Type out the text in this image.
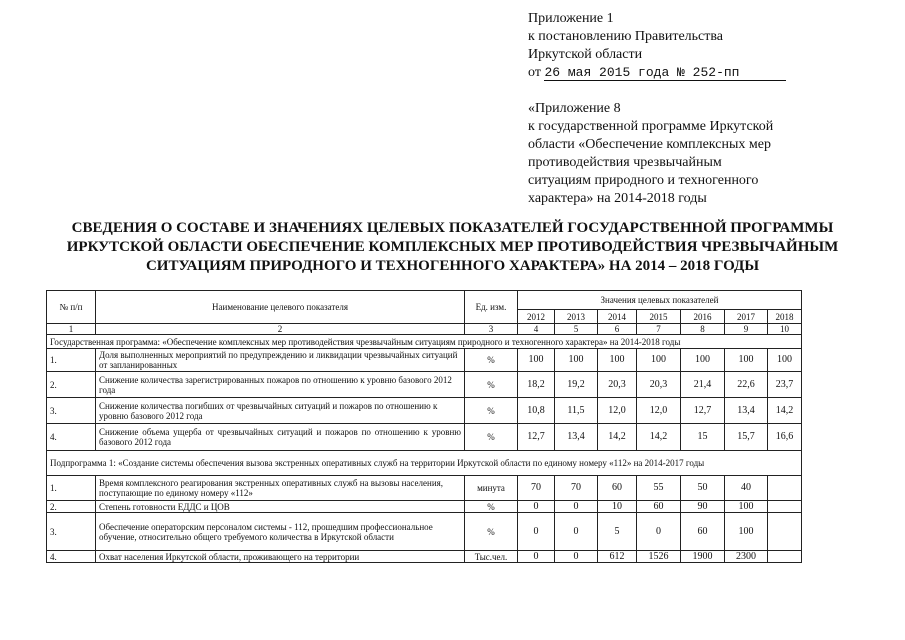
Приложение 1
к постановлению Правительства
Иркутской области
от 26 мая 2015 года № 252-пп
«Приложение 8
к государственной программе Иркутской
области «Обеспечение комплексных мер
противодействия чрезвычайным
ситуациям природного и техногенного
характера» на 2014-2018 годы
СВЕДЕНИЯ О СОСТАВЕ И ЗНАЧЕНИЯХ ЦЕЛЕВЫХ ПОКАЗАТЕЛЕЙ ГОСУДАРСТВЕННОЙ ПРОГРАММЫ
ИРКУТСКОЙ ОБЛАСТИ ОБЕСПЕЧЕНИЕ КОМПЛЕКСНЫХ МЕР ПРОТИВОДЕЙСТВИЯ ЧРЕЗВЫЧАЙНЫМ
СИТУАЦИЯМ ПРИРОДНОГО И ТЕХНОГЕННОГО ХАРАКТЕРА» НА 2014 – 2018 ГОДЫ
№ п/п	Наименование целевого показателя	Ед. изм.	Значения целевых показателей						
			2012	2013	2014	2015	2016	2017	2018
1	2	3	4	5	6	7	8	9	10
Государственная программа: «Обеспечение комплексных мер противодействия чрезвычайным ситуациям природного и техногенного характера» на 2014-2018 годы									
1.	Доля выполненных мероприятий по предупреждению и ликвидации чрезвычайных ситуаций от запланированных	%	100	100	100	100	100	100	100
2.	Снижение количества зарегистрированных пожаров по отношению к уровню базового 2012 года	%	18,2	19,2	20,3	20,3	21,4	22,6	23,7
3.	Снижение количества погибших от чрезвычайных ситуаций и пожаров по отношению к уровню базового 2012 года	%	10,8	11,5	12,0	12,0	12,7	13,4	14,2
4.	Снижение объема ущерба от чрезвычайных ситуаций и пожаров по отношению к уровню базового 2012 года	%	12,7	13,4	14,2	14,2	15	15,7	16,6
Подпрограмма 1: «Создание системы обеспечения вызова экстренных оперативных служб на территории Иркутской области по единому номеру «112» на 2014-2017 годы									
1.	Время комплексного реагирования экстренных оперативных служб на вызовы населения, поступающие по единому номеру «112»	минута	70	70	60	55	50	40	
2.	Степень готовности ЕДДС и ЦОВ	%	0	0	10	60	90	100	
3.	Обеспечение операторским персоналом системы - 112, прошедшим профессиональное обучение, относительно общего требуемого количества в Иркутской области	%	0	0	5	0	60	100	
4.	Охват населения Иркутской области, проживающего на территории	Тыс.чел.	0	0	612	1526	1900	2300	
